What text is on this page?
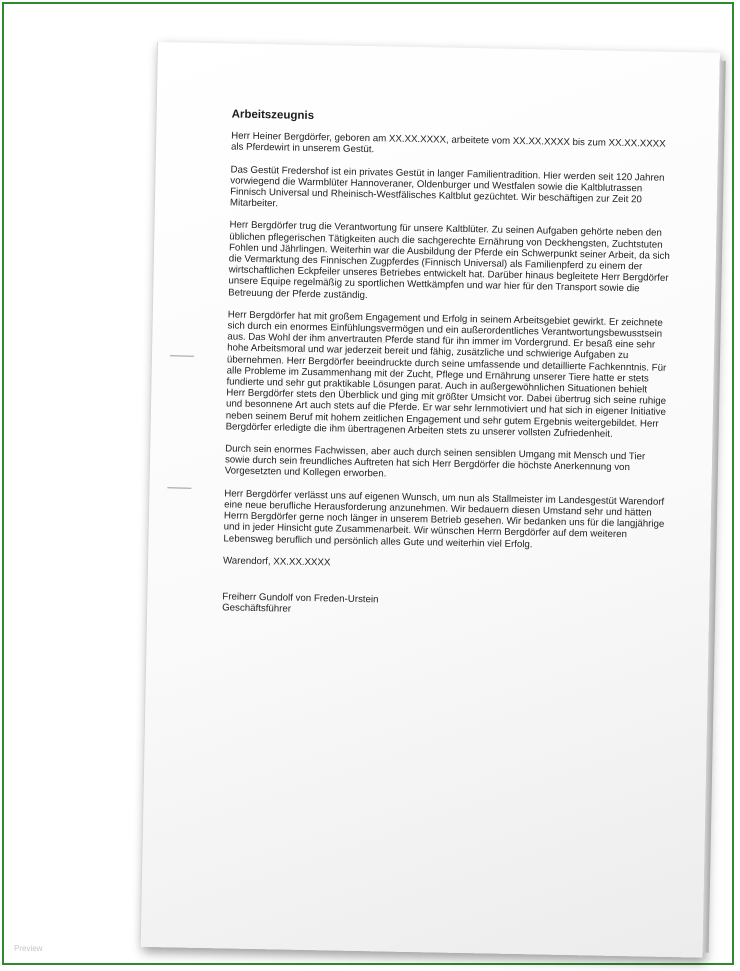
Arbeitszeugnis

Herr Heiner Bergdörfer, geboren am XX.XX.XXXX, arbeitete vom XX.XX.XXXX bis zum XX.XX.XXXX als Pferdewirt in unserem Gestüt.

Das Gestüt Fredershof ist ein privates Gestüt in langer Familientradition. Hier werden seit 120 Jahren vorwiegend die Warmblüter Hannoveraner, Oldenburger und Westfalen sowie die Kaltblutrassen Finnisch Universal und Rheinisch-Westfälisches Kaltblut gezüchtet. Wir beschäftigen zur Zeit 20 Mitarbeiter.

Herr Bergdörfer trug die Verantwortung für unsere Kaltblüter. Zu seinen Aufgaben gehörte neben den üblichen pflegerischen Tätigkeiten auch die sachgerechte Ernährung von Deckhengsten, Zuchtstuten Fohlen und Jährlingen. Weiterhin war die Ausbildung der Pferde ein Schwerpunkt seiner Arbeit, da sich die Vermarktung des Finnischen Zugpferdes (Finnisch Universal) als Familienpferd zu einem der wirtschaftlichen Eckpfeiler unseres Betriebes entwickelt hat. Darüber hinaus begleitete Herr Bergdörfer unsere Equipe regelmäßig zu sportlichen Wettkämpfen und war hier für den Transport sowie die Betreuung der Pferde zuständig.

Herr Bergdörfer hat mit großem Engagement und Erfolg in seinem Arbeitsgebiet gewirkt. Er zeichnete sich durch ein enormes Einfühlungsvermögen und ein außerordentliches Verantwortungsbewusstsein aus. Das Wohl der ihm anvertrauten Pferde stand für ihn immer im Vordergrund. Er besaß eine sehr hohe Arbeitsmoral und war jederzeit bereit und fähig, zusätzliche und schwierige Aufgaben zu übernehmen. Herr Bergdörfer beeindruckte durch seine umfassende und detaillierte Fachkenntnis. Für alle Probleme im Zusammenhang mit der Zucht, Pflege und Ernährung unserer Tiere hatte er stets fundierte und sehr gut praktikable Lösungen parat. Auch in außergewöhnlichen Situationen behielt Herr Bergdörfer stets den Überblick und ging mit größter Umsicht vor. Dabei übertrug sich seine ruhige und besonnene Art auch stets auf die Pferde. Er war sehr lernmotiviert und hat sich in eigener Initiative neben seinem Beruf mit hohem zeitlichen Engagement und sehr gutem Ergebnis weitergebildet. Herr Bergdörfer erledigte die ihm übertragenen Arbeiten stets zu unserer vollsten Zufriedenheit.

Durch sein enormes Fachwissen, aber auch durch seinen sensiblen Umgang mit Mensch und Tier sowie durch sein freundliches Auftreten hat sich Herr Bergdörfer die höchste Anerkennung von Vorgesetzten und Kollegen erworben.

Herr Bergdörfer verlässt uns auf eigenen Wunsch, um nun als Stallmeister im Landesgestüt Warendorf eine neue berufliche Herausforderung anzunehmen. Wir bedauern diesen Umstand sehr und hätten Herrn Bergdörfer gerne noch länger in unserem Betrieb gesehen. Wir bedanken uns für die langjährige und in jeder Hinsicht gute Zusammenarbeit. Wir wünschen Herrn Bergdörfer auf dem weiteren Lebensweg beruflich und persönlich alles Gute und weiterhin viel Erfolg.

Warendorf, XX.XX.XXXX

Freiherr Gundolf von Freden-Urstein
Geschäftsführer
Preview
